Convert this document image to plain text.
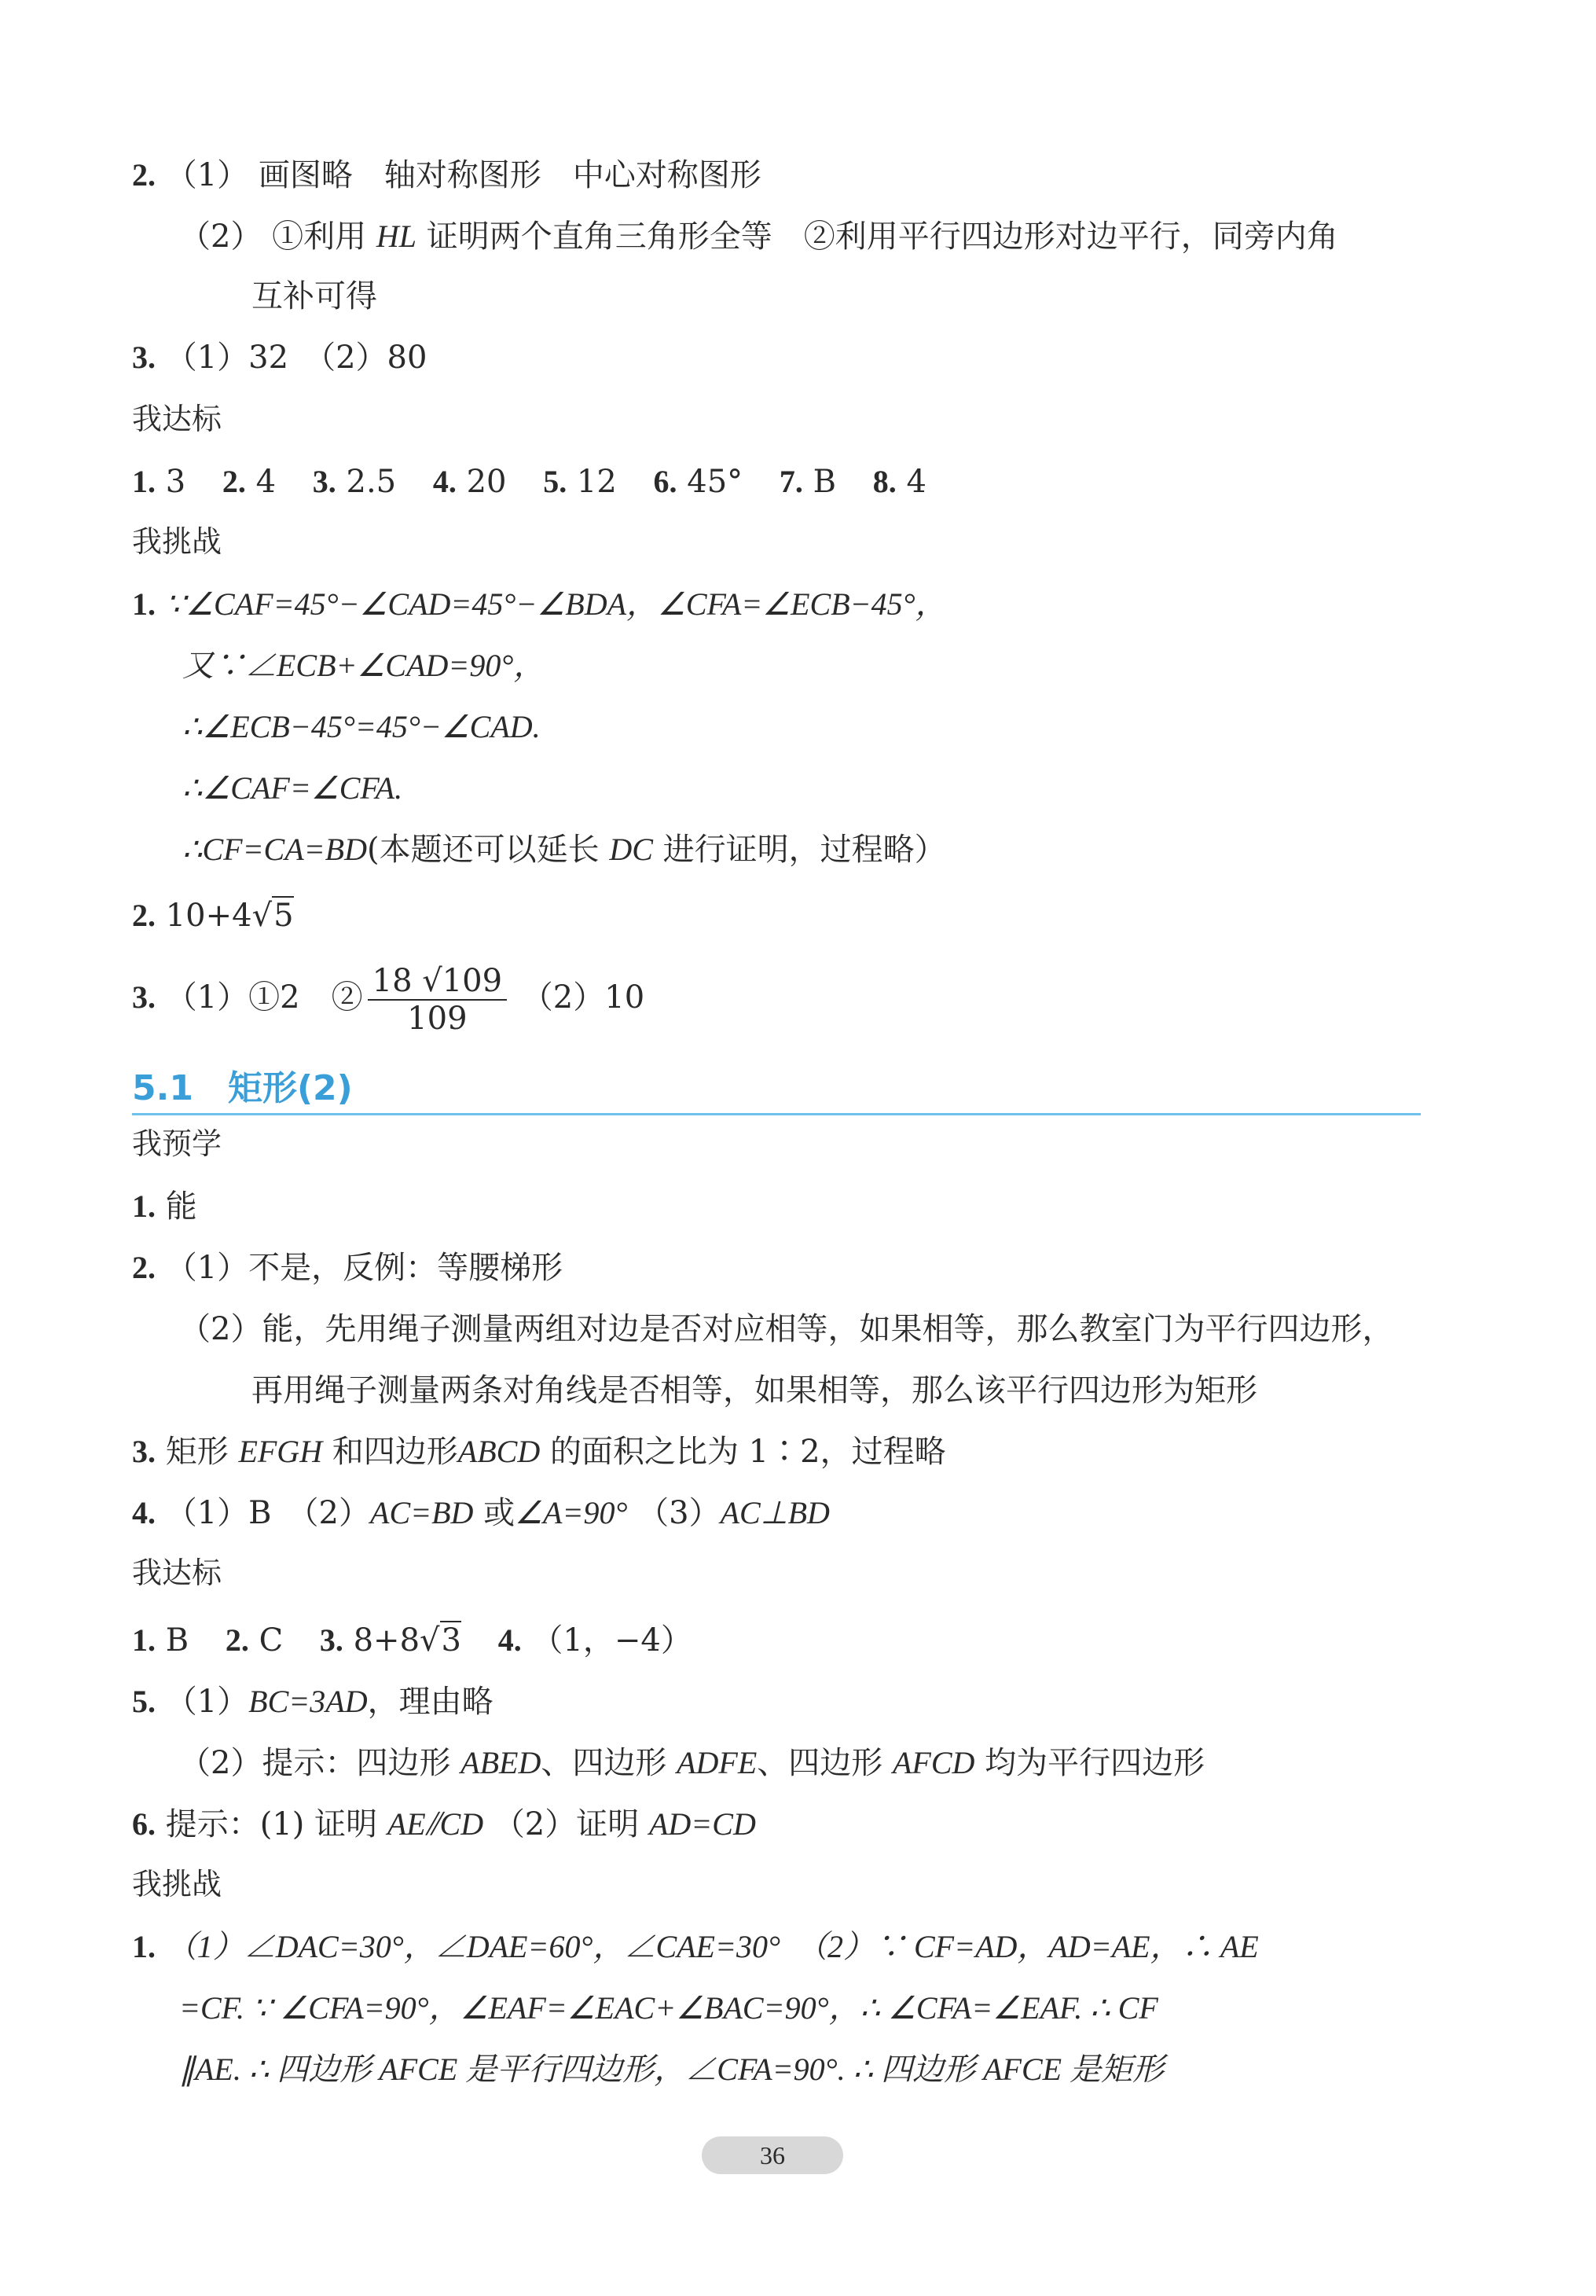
2. （1） 画图略　轴对称图形　中心对称图形
（2） ①利用 HL 证明两个直角三角形全等　②利用平行四边形对边平行，同旁内角
互补可得
3. （1）32　（2）80
我达标
1. 3 2. 4 3. 2.5 4. 20 5. 12 6. 45° 7. B 8. 4
我挑战
1. ∵∠CAF=45°−∠CAD=45°−∠BDA，∠CFA=∠ECB−45°，
又∵∠ECB+∠CAD=90°，
∴∠ECB−45°=45°−∠CAD.
∴∠CAF=∠CFA.
∴CF=CA=BD(本题还可以延长 DC 进行证明，过程略）
2. 10+4√5
3. （1）①2　② $\frac{18 √109}{109} (2)10$
5.1 矩形(2)
我预学
1. 能
2. （1）不是，反例：等腰梯形
（2）能，先用绳子测量两组对边是否对应相等，如果相等，那么教室门为平行四边形，
再用绳子测量两条对角线是否相等，如果相等，那么该平行四边形为矩形
3. 矩形 EFGH 和四边形ABCD 的面积之比为 1∶2，过程略
4. （1）B　（2）AC=BD 或∠A=90° （3）AC⊥BD
我达标
1. B 2. C 3. 8+8√3 4. （1，−4）
5. （1）BC=3AD，理由略
（2）提示：四边形 ABED、四边形 ADFE、四边形 AFCD 均为平行四边形
6. 提示：(1) 证明 AE⫽CD （2）证明 AD=CD
我挑战
1. （1）∠DAC=30°，∠DAE=60°，∠CAE=30°　（2）∵ CF=AD，AD=AE，∴ AE
=CF. ∵ ∠CFA=90°，∠EAF=∠EAC+∠BAC=90°，∴ ∠CFA=∠EAF. ∴ CF
∥AE. ∴ 四边形 AFCE 是平行四边形，∠CFA=90°. ∴ 四边形 AFCE 是矩形
36
